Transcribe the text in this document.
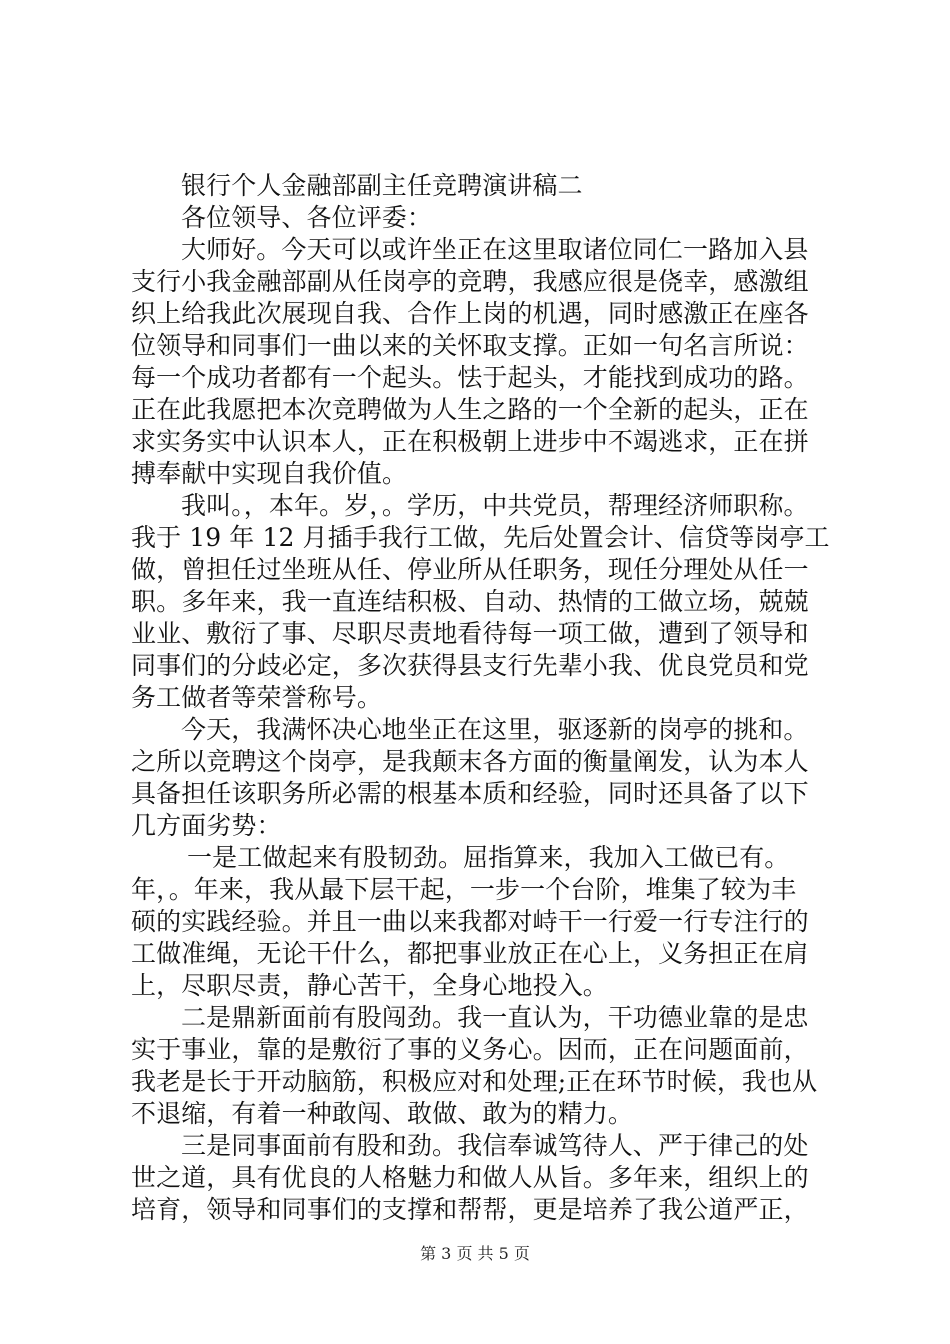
银行个人金融部副主任竞聘演讲稿二
各位领导、各位评委：
大师好。今天可以或许坐正在这里取诸位同仁一路加入县
支行小我金融部副从任岗亭的竞聘，我感应很是侥幸，感激组
织上给我此次展现自我、合作上岗的机遇，同时感激正在座各
位领导和同事们一曲以来的关怀取支撑。正如一句名言所说：
每一个成功者都有一个起头。怯于起头，才能找到成功的路。
正在此我愿把本次竞聘做为人生之路的一个全新的起头，正在
求实务实中认识本人，正在积极朝上进步中不竭逃求，正在拼
搏奉献中实现自我价值。
我叫。，本年。岁，。学历，中共党员，帮理经济师职称。
我于 19 年 12 月插手我行工做，先后处置会计、信贷等岗亭工
做，曾担任过坐班从任、停业所从任职务，现任分理处从任一
职。多年来，我一直连结积极、自动、热情的工做立场，兢兢
业业、敷衍了事、尽职尽责地看待每一项工做，遭到了领导和
同事们的分歧必定，多次获得县支行先辈小我、优良党员和党
务工做者等荣誉称号。
今天，我满怀决心地坐正在这里，驱逐新的岗亭的挑和。
之所以竞聘这个岗亭，是我颠末各方面的衡量阐发，认为本人
具备担任该职务所必需的根基本质和经验，同时还具备了以下
几方面劣势：
一是工做起来有股韧劲。屈指算来，我加入工做已有。
年，。年来，我从最下层干起，一步一个台阶，堆集了较为丰
硕的实践经验。并且一曲以来我都对峙干一行爱一行专注行的
工做准绳，无论干什么，都把事业放正在心上，义务担正在肩
上，尽职尽责，静心苦干，全身心地投入。
二是鼎新面前有股闯劲。我一直认为，干功德业靠的是忠
实于事业，靠的是敷衍了事的义务心。因而，正在问题面前，
我老是长于开动脑筋，积极应对和处理;正在环节时候，我也从
不退缩，有着一种敢闯、敢做、敢为的精力。
三是同事面前有股和劲。我信奉诚笃待人、严于律己的处
世之道，具有优良的人格魅力和做人从旨。多年来，组织上的
培育，领导和同事们的支撑和帮帮，更是培养了我公道严正，
第 3 页 共 5 页
